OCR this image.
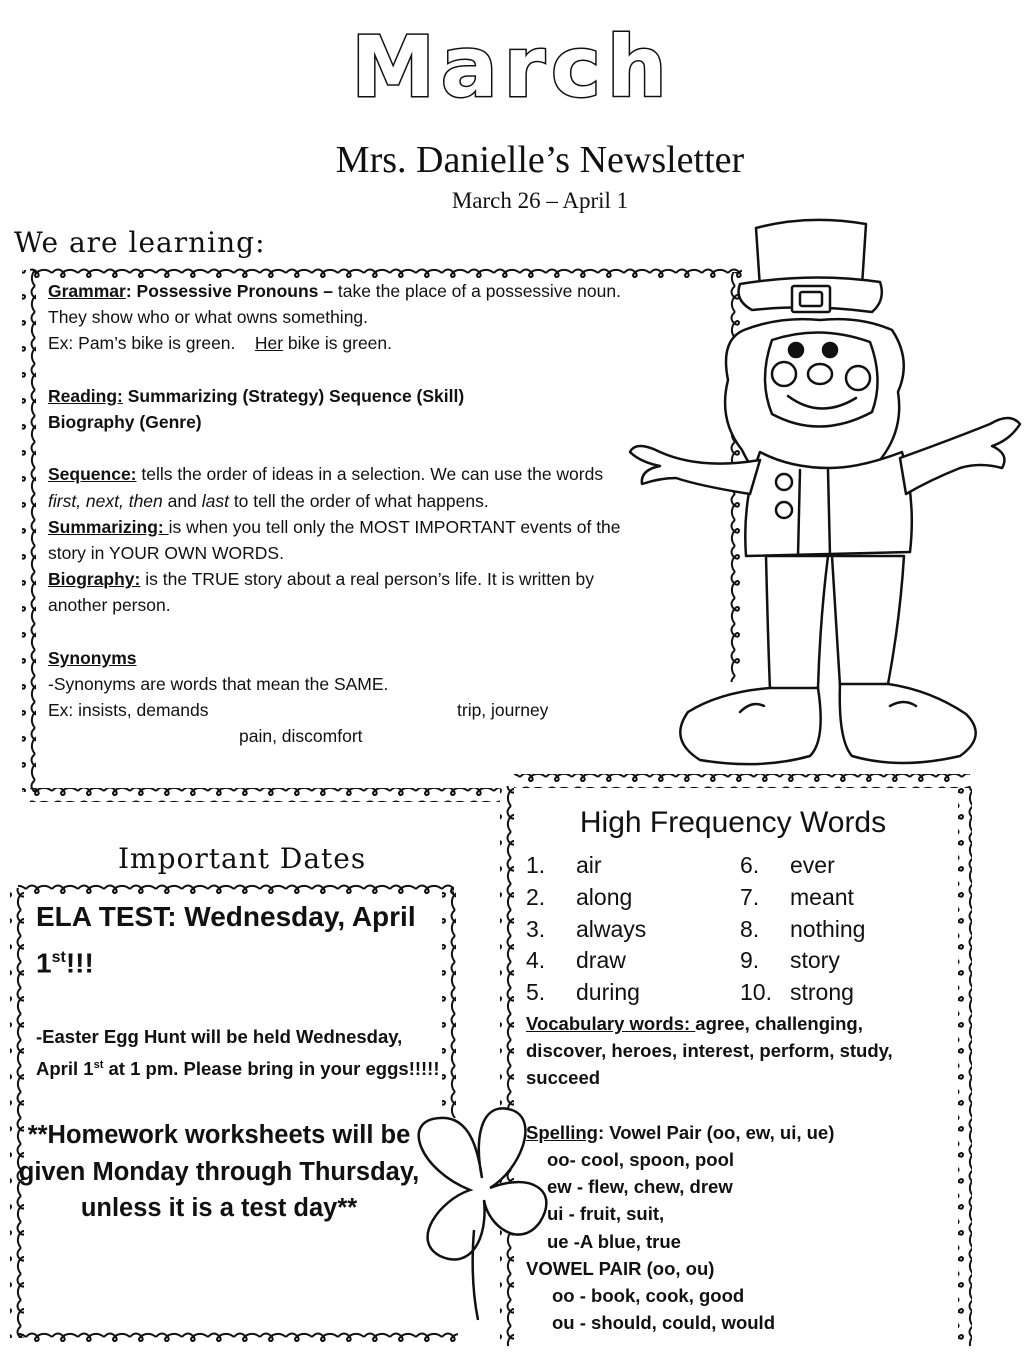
March
Mrs. Danielle’s Newsletter
March 26 – April 1
We are learning:

Grammar: Possessive Pronouns – take the place of a possessive noun.

They show who or what owns something.

Ex: Pam’s bike is green. Her bike is green.

Reading: Summarizing (Strategy) Sequence (Skill)

Biography (Genre)

Sequence: tells the order of ideas in a selection. We can use the words

first, next, then and last to tell the order of what happens.

Summarizing: is when you tell only the MOST IMPORTANT events of the

story in YOUR OWN WORDS.

Biography: is the TRUE story about a real person’s life. It is written by

another person.

Synonyms

-Synonyms are words that mean the SAME.

Ex: insists, demands	trip, journey

pain, discomfort

Important Dates
ELA TEST: Wednesday, April 1st!!!
-Easter Egg Hunt will be held Wednesday, April 1st at 1 pm. Please bring in your eggs!!!!!
**Homework worksheets will be given Monday through Thursday, unless it is a test day**
High Frequency Words
1.	air	6.	ever
2.	along	7.	meant
3.	always	8.	nothing
4.	draw	9.	story
5.	during	10. strong

Vocabulary words: agree, challenging, discover, heroes, interest, perform, study, succeed

Spelling: Vowel Pair (oo, ew, ui, ue)

oo- cool, spoon, pool

ew - flew, chew, drew

ui - fruit, suit,

ue -A blue, true

VOWEL PAIR (oo, ou)

oo - book, cook, good

ou - should, could, would
